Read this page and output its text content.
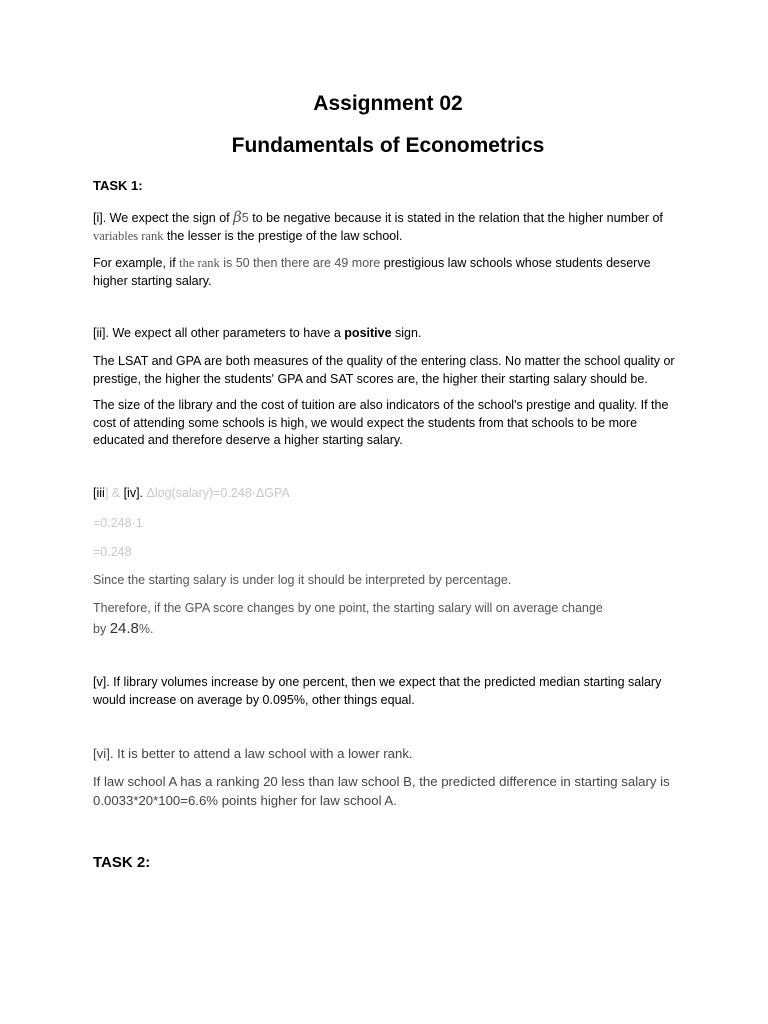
Assignment 02
Fundamentals of Econometrics
TASK 1:

[i]. We expect the sign of β5 to be negative because it is stated in the relation that the higher number of variables rank the lesser is the prestige of the law school.

For example, if the rank is 50 then there are 49 more prestigious law schools whose students deserve higher starting salary.

[ii]. We expect all other parameters to have a positive sign.

The LSAT and GPA are both measures of the quality of the entering class. No matter the school quality or prestige, the higher the students' GPA and SAT scores are, the higher their starting salary should be.

The size of the library and the cost of tuition are also indicators of the school's prestige and quality. If the cost of attending some schools is high, we would expect the students from that schools to be more educated and therefore deserve a higher starting salary.

[iii] & [iv]. Δlog(salary)=0.248·ΔGPA

=0.248·1

=0.248

Since the starting salary is under log it should be interpreted by percentage.

Therefore, if the GPA score changes by one point, the starting salary will on average change

by 24.8%.

[v]. If library volumes increase by one percent, then we expect that the predicted median starting salary would increase on average by 0.095%, other things equal.

[vi]. It is better to attend a law school with a lower rank.

If law school A has a ranking 20 less than law school B, the predicted difference in starting salary is 0.0033*20*100=6.6% points higher for law school A.

TASK 2:
